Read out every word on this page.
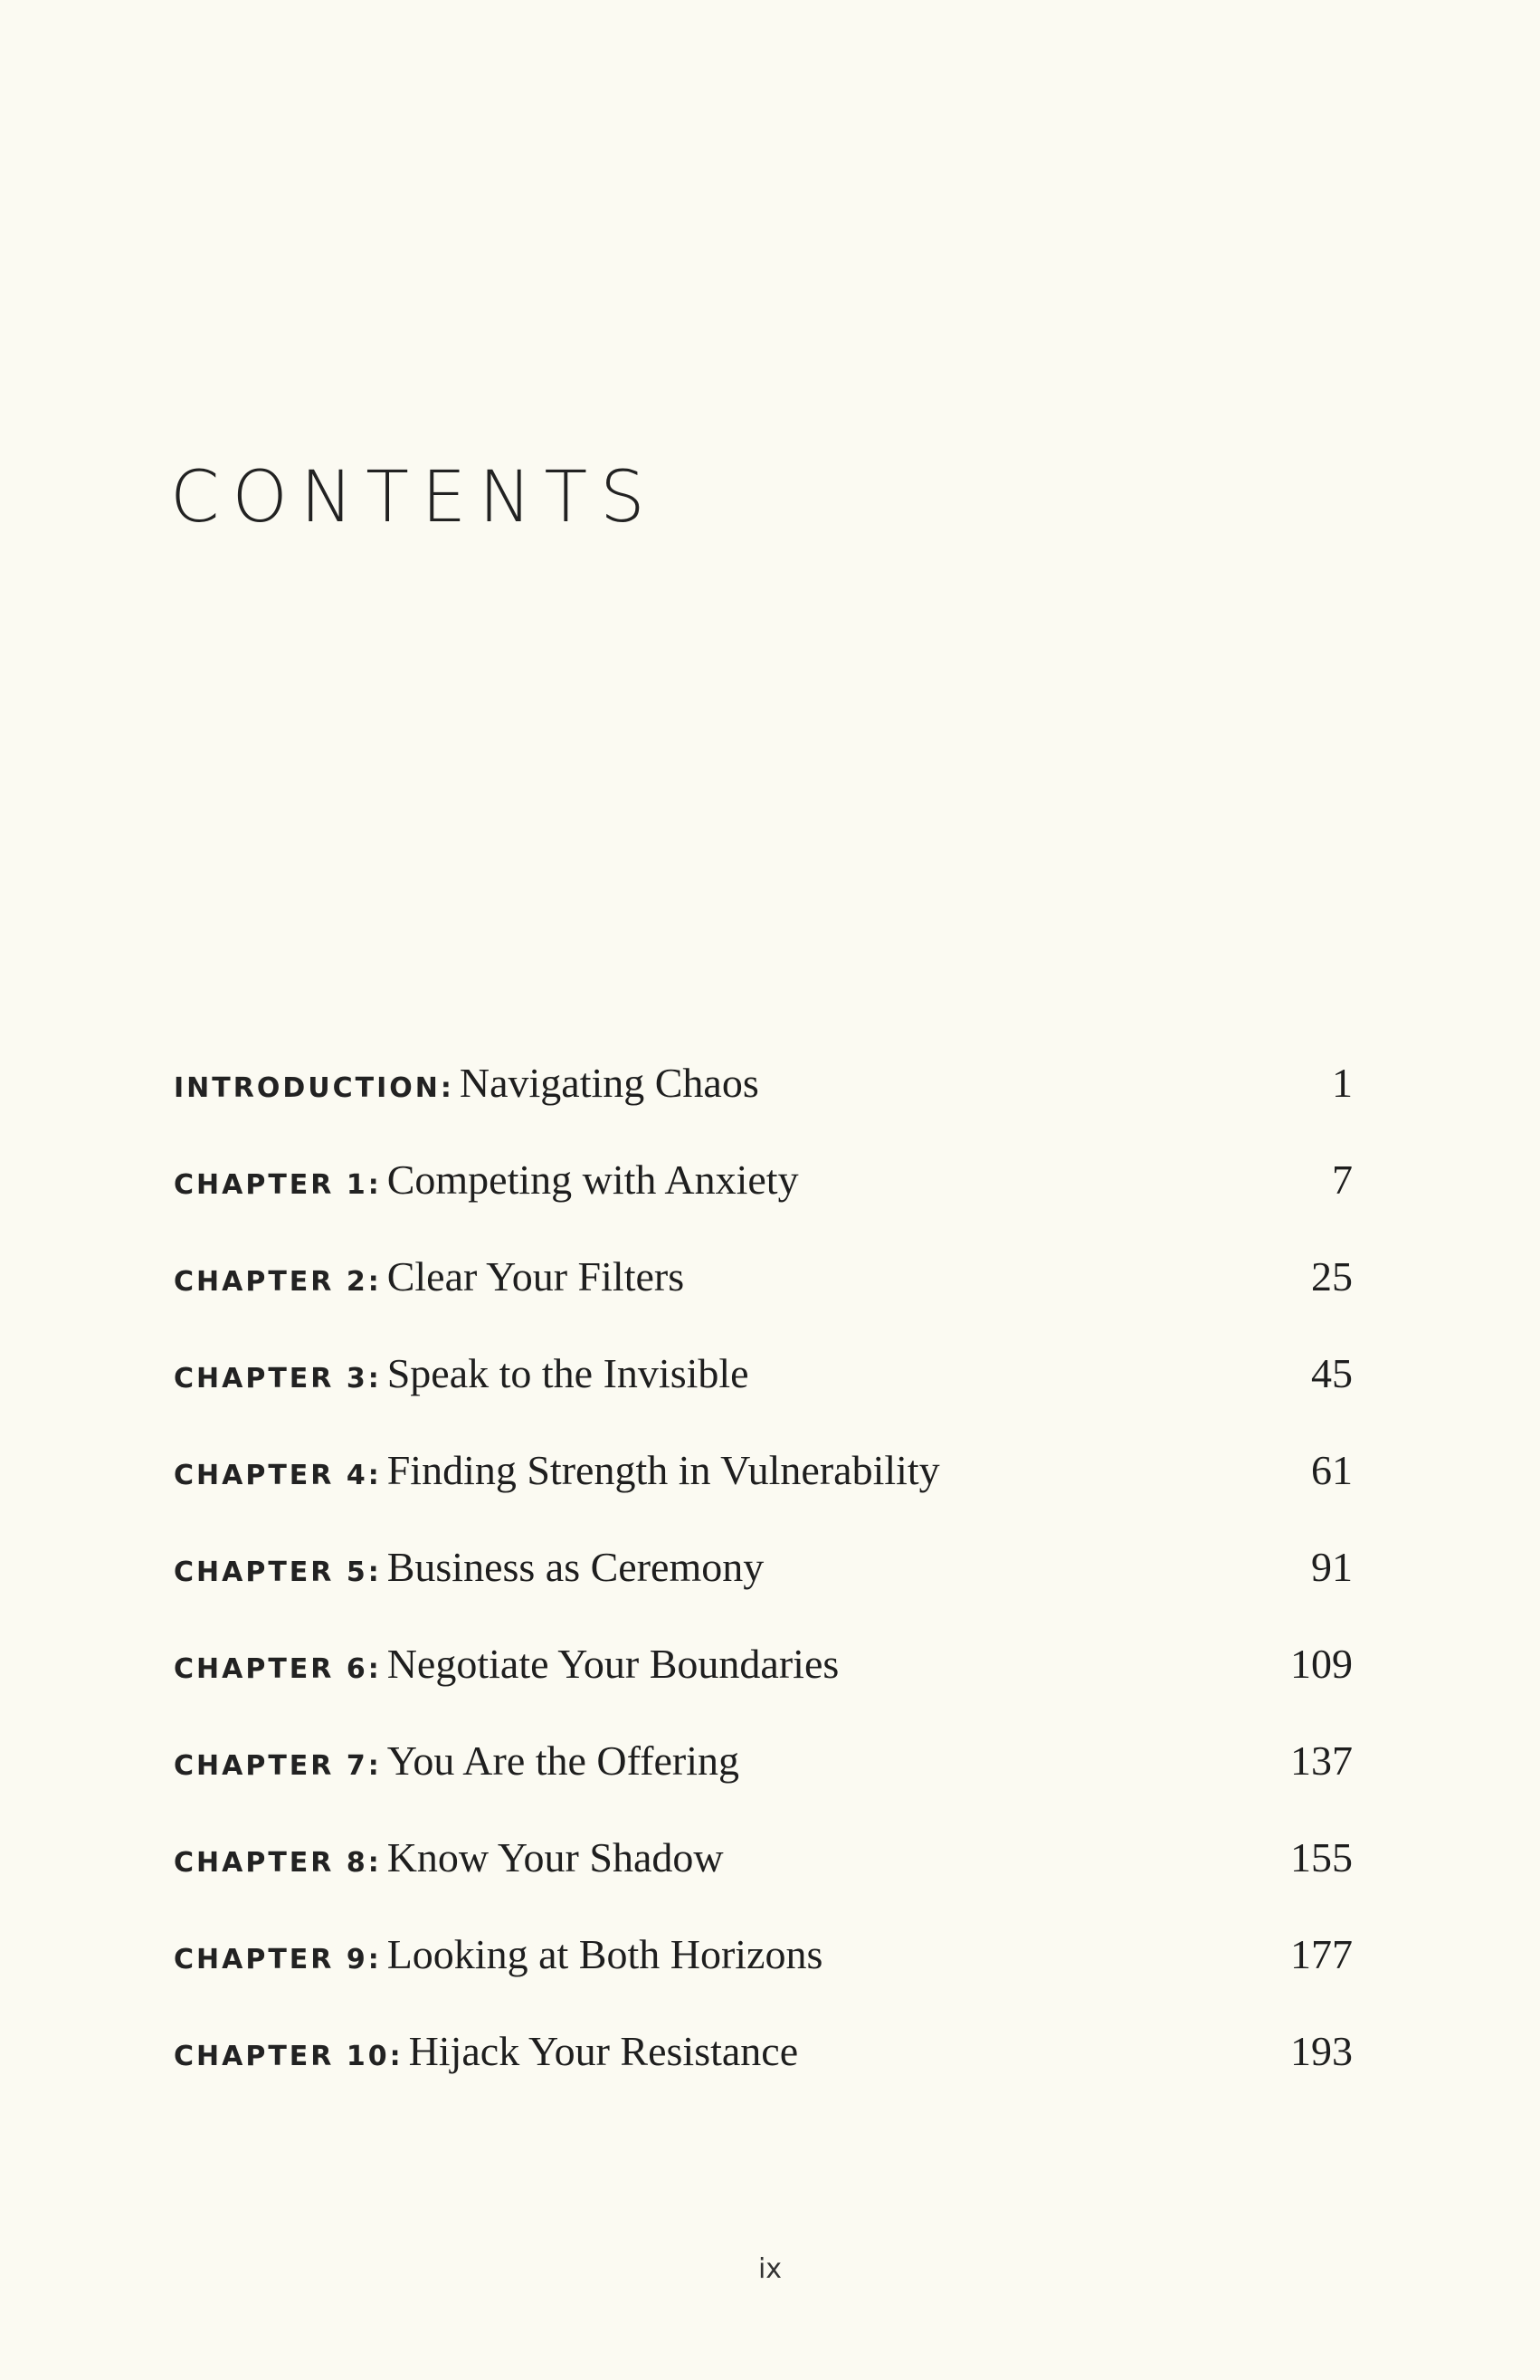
CONTENTS
INTRODUCTION: Navigating Chaos	1
CHAPTER 1: Competing with Anxiety	7
CHAPTER 2: Clear Your Filters	25
CHAPTER 3: Speak to the Invisible	45
CHAPTER 4: Finding Strength in Vulnerability	61
CHAPTER 5: Business as Ceremony	91
CHAPTER 6: Negotiate Your Boundaries	109
CHAPTER 7: You Are the Offering	137
CHAPTER 8: Know Your Shadow	155
CHAPTER 9: Looking at Both Horizons	177
CHAPTER 10: Hijack Your Resistance	193
ix
